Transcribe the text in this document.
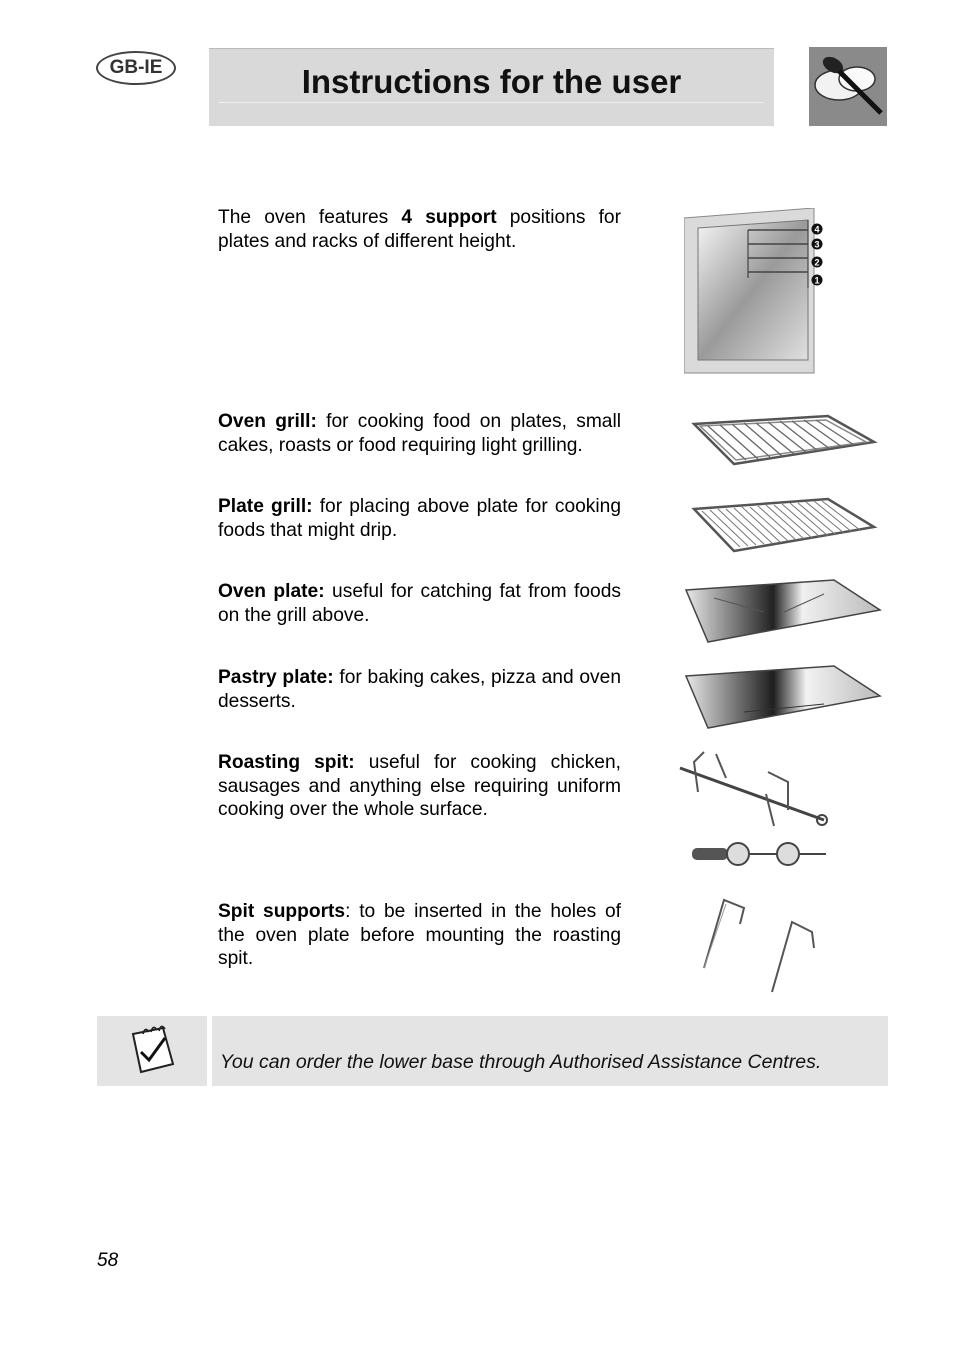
GB-IE	Instructions for the user
The oven features 4 support positions for plates and racks of different height.
4
3
2
1
Oven grill: for cooking food on plates, small cakes, roasts or food requiring light grilling.
Plate grill: for placing above plate for cooking foods that might drip.
Oven plate: useful for catching fat from foods on the grill above.
Pastry plate: for baking cakes, pizza and oven desserts.
Roasting spit: useful for cooking chicken, sausages and anything else requiring uniform cooking over the whole surface.
Spit supports: to be inserted in the holes of the oven plate before mounting the roasting spit.
You can order the lower base through Authorised Assistance Centres.
58
